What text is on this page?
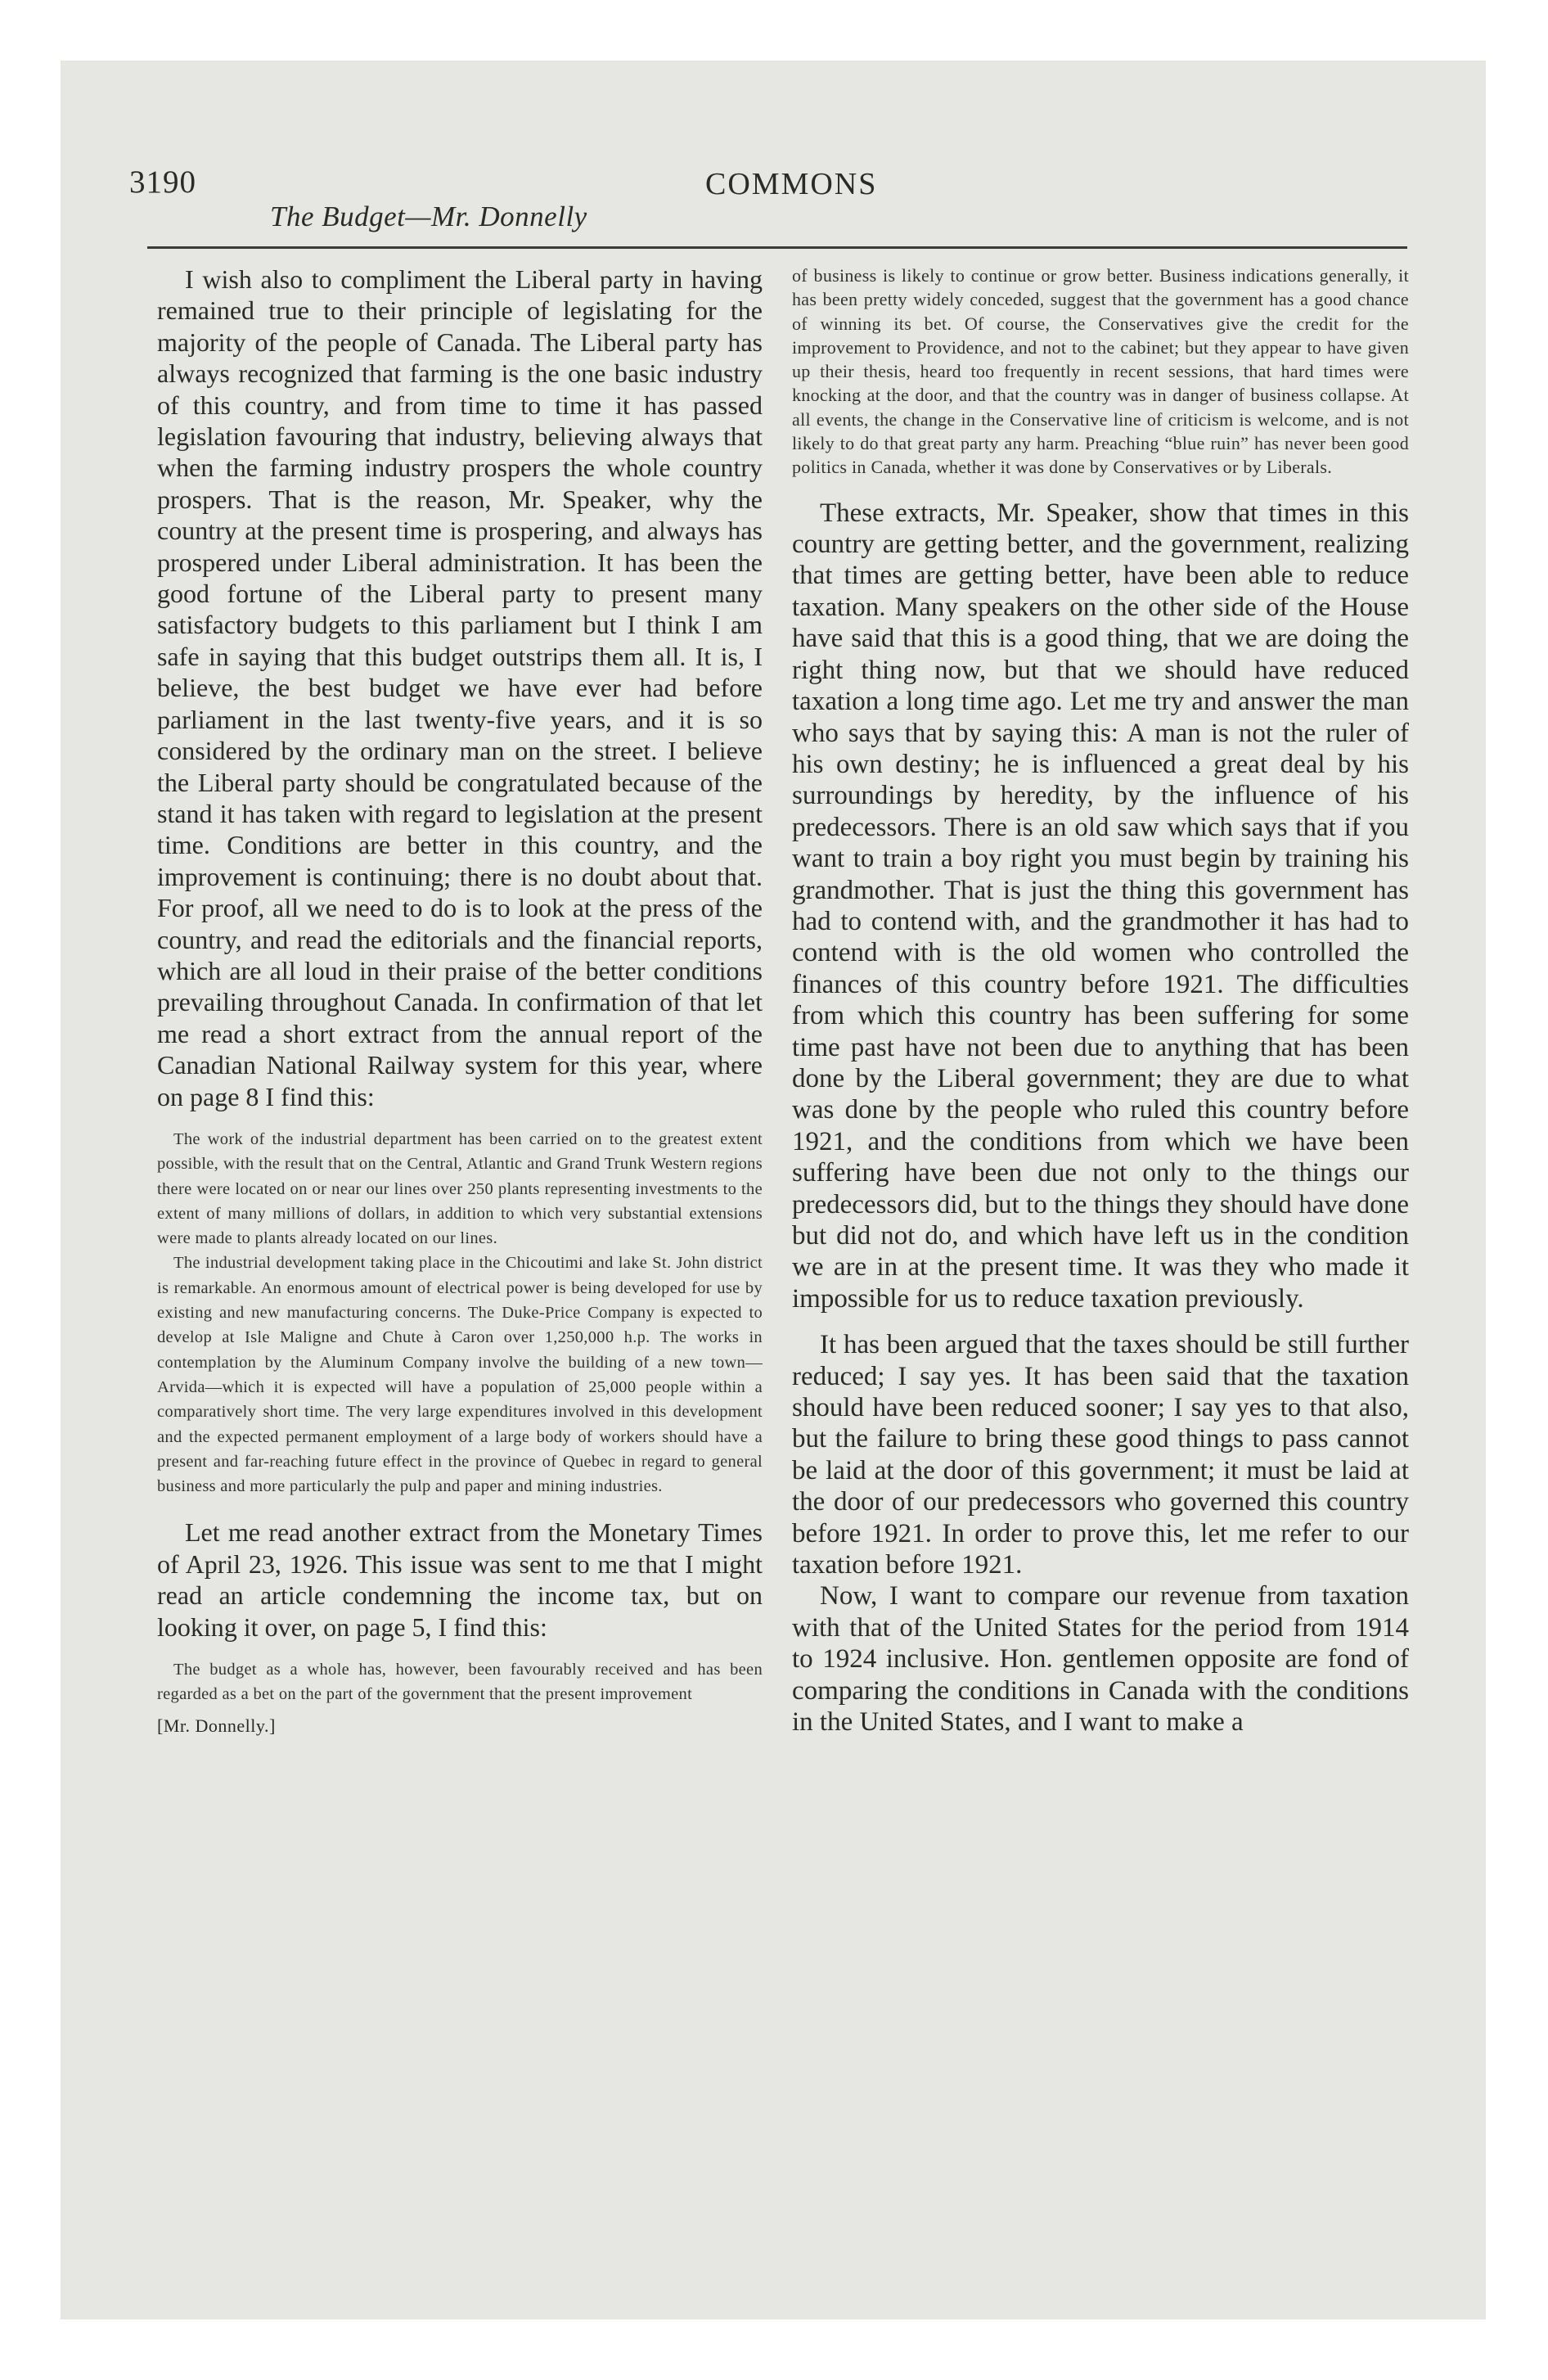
3190
The Budget—Mr. Donnelly
COMMONS

I wish also to compliment the Liberal party in having remained true to their principle of legislating for the majority of the people of Canada. The Liberal party has always recognized that farming is the one basic industry of this country, and from time to time it has passed legislation favouring that industry, believing always that when the farming industry prospers the whole country prospers. That is the reason, Mr. Speaker, why the country at the present time is prospering, and always has prospered under Liberal administration. It has been the good fortune of the Liberal party to present many satisfactory budgets to this parliament but I think I am safe in saying that this budget outstrips them all. It is, I believe, the best budget we have ever had before parliament in the last twenty-five years, and it is so considered by the ordinary man on the street. I believe the Liberal party should be congratulated because of the stand it has taken with regard to legislation at the present time. Conditions are better in this country, and the improvement is continuing; there is no doubt about that. For proof, all we need to do is to look at the press of the country, and read the editorials and the financial reports, which are all loud in their praise of the better conditions prevailing throughout Canada. In confirmation of that let me read a short extract from the annual report of the Canadian National Railway system for this year, where on page 8 I find this:

The work of the industrial department has been carried on to the greatest extent possible, with the result that on the Central, Atlantic and Grand Trunk Western regions there were located on or near our lines over 250 plants representing investments to the extent of many millions of dollars, in addition to which very substantial extensions were made to plants already located on our lines.

The industrial development taking place in the Chicoutimi and lake St. John district is remarkable. An enormous amount of electrical power is being developed for use by existing and new manufacturing concerns. The Duke-Price Company is expected to develop at Isle Maligne and Chute à Caron over 1,250,000 h.p. The works in contemplation by the Aluminum Company involve the building of a new town—Arvida—which it is expected will have a population of 25,000 people within a comparatively short time. The very large expenditures involved in this development and the expected permanent employment of a large body of workers should have a present and far-reaching future effect in the province of Quebec in regard to general business and more particularly the pulp and paper and mining industries.

Let me read another extract from the Monetary Times of April 23, 1926. This issue was sent to me that I might read an article condemning the income tax, but on looking it over, on page 5, I find this:

The budget as a whole has, however, been favourably received and has been regarded as a bet on the part of the government that the present improvement

[Mr. Donnelly.]

of business is likely to continue or grow better. Business indications generally, it has been pretty widely conceded, suggest that the government has a good chance of winning its bet. Of course, the Conservatives give the credit for the improvement to Providence, and not to the cabinet; but they appear to have given up their thesis, heard too frequently in recent sessions, that hard times were knocking at the door, and that the country was in danger of business collapse. At all events, the change in the Conservative line of criticism is welcome, and is not likely to do that great party any harm. Preaching “blue ruin” has never been good politics in Canada, whether it was done by Conservatives or by Liberals.

These extracts, Mr. Speaker, show that times in this country are getting better, and the government, realizing that times are getting better, have been able to reduce taxation. Many speakers on the other side of the House have said that this is a good thing, that we are doing the right thing now, but that we should have reduced taxation a long time ago. Let me try and answer the man who says that by saying this: A man is not the ruler of his own destiny; he is influenced a great deal by his surroundings by heredity, by the influence of his predecessors. There is an old saw which says that if you want to train a boy right you must begin by training his grandmother. That is just the thing this government has had to contend with, and the grandmother it has had to contend with is the old women who controlled the finances of this country before 1921. The difficulties from which this country has been suffering for some time past have not been due to anything that has been done by the Liberal government; they are due to what was done by the people who ruled this country before 1921, and the conditions from which we have been suffering have been due not only to the things our predecessors did, but to the things they should have done but did not do, and which have left us in the condition we are in at the present time. It was they who made it impossible for us to reduce taxation previously.

It has been argued that the taxes should be still further reduced; I say yes. It has been said that the taxation should have been reduced sooner; I say yes to that also, but the failure to bring these good things to pass cannot be laid at the door of this government; it must be laid at the door of our predecessors who governed this country before 1921. In order to prove this, let me refer to our taxation before 1921.

Now, I want to compare our revenue from taxation with that of the United States for the period from 1914 to 1924 inclusive. Hon. gentlemen opposite are fond of comparing the conditions in Canada with the conditions in the United States, and I want to make a
